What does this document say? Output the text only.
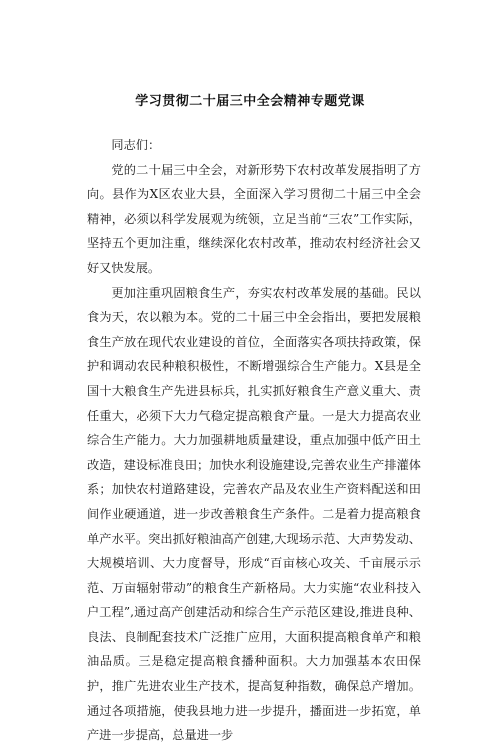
学习贯彻二十届三中全会精神专题党课

同志们：

党的二十届三中全会，对新形势下农村改革发展指明了方向。县作为X区农业大县，全面深入学习贯彻二十届三中全会精神，必须以科学发展观为统领，立足当前“三农”工作实际，坚持五个更加注重，继续深化农村改革，推动农村经济社会又好又快发展。

更加注重巩固粮食生产，夯实农村改革发展的基础。民以食为天，农以粮为本。党的二十届三中全会指出，要把发展粮食生产放在现代农业建设的首位，全面落实各项扶持政策，保护和调动农民种粮积极性，不断增强综合生产能力。X县是全国十大粮食生产先进县标兵，扎实抓好粮食生产意义重大、责任重大，必须下大力气稳定提高粮食产量。一是大力提高农业综合生产能力。大力加强耕地质量建设，重点加强中低产田土改造，建设标准良田；加快水利设施建设,完善农业生产排灌体系；加快农村道路建设，完善农产品及农业生产资料配送和田间作业硬通道，进一步改善粮食生产条件。二是着力提高粮食单产水平。突出抓好粮油高产创建,大现场示范、大声势发动、大规模培训、大力度督导，形成“百亩核心攻关、千亩展示示范、万亩辐射带动”的粮食生产新格局。大力实施“农业科技入户工程”,通过高产创建活动和综合生产示范区建设,推进良种、良法、良制配套技术广泛推广应用，大面积提高粮食单产和粮油品质。三是稳定提高粮食播种面积。大力加强基本农田保护，推广先进农业生产技术，提高复种指数，确保总产增加。通过各项措施，使我县地力进一步提升，播面进一步拓宽，单产进一步提高，总量进一步
